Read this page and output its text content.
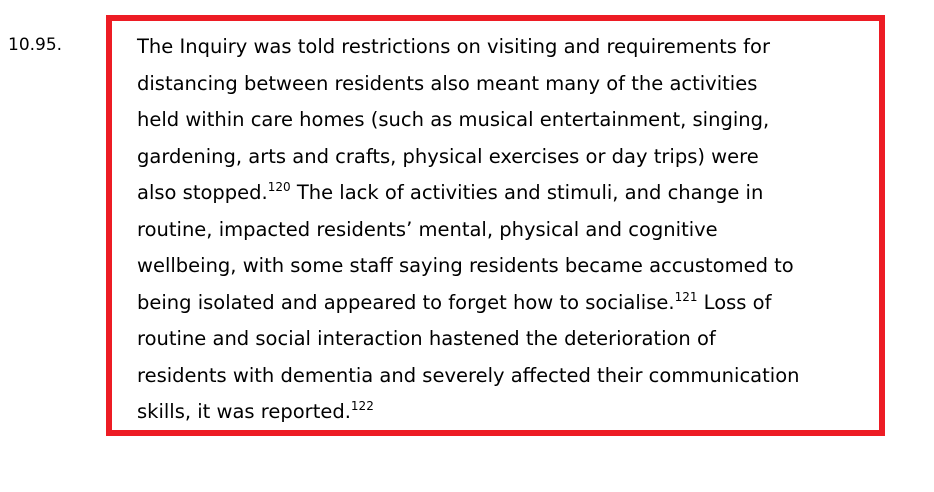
10.95.	The Inquiry was told restrictions on visiting and requirements for
distancing between residents also meant many of the activities
held within care homes (such as musical entertainment, singing,
gardening, arts and crafts, physical exercises or day trips) were
also stopped.$^{120}$ The lack of activities and stimuli, and change in
routine, impacted residents’ mental, physical and cognitive
wellbeing, with some staff saying residents became accustomed to
being isolated and appeared to forget how to socialise.$^{121}$ Loss of
routine and social interaction hastened the deterioration of
residents with dementia and severely affected their communication
skills, it was reported.$^{122}$
